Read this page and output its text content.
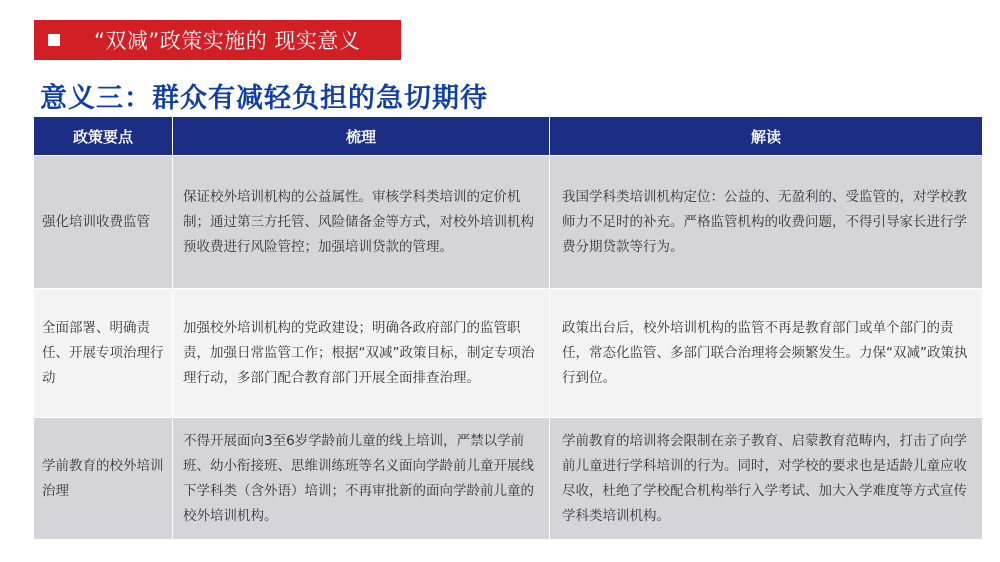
“双减”政策实施的 现实意义
意义三：群众有减轻负担的急切期待
政策要点	梳理	解读
强化培训收费监管
保证校外培训机构的公益属性。审核学科类培训的定价机制；通过第三方托管、风险储备金等方式，对校外培训机构预收费进行风险管控；加强培训贷款的管理。
我国学科类培训机构定位：公益的、无盈利的、受监管的，对学校教师力不足时的补充。严格监管机构的收费问题，不得引导家长进行学费分期贷款等行为。
全面部署、明确责任、开展专项治理行动
加强校外培训机构的党政建设；明确各政府部门的监管职责，加强日常监管工作；根据“双减”政策目标，制定专项治理行动，多部门配合教育部门开展全面排查治理。
政策出台后，校外培训机构的监管不再是教育部门或单个部门的责任，常态化监管、多部门联合治理将会频繁发生。力保“双减”政策执行到位。
学前教育的校外培训治理
不得开展面向3至6岁学龄前儿童的线上培训，严禁以学前班、幼小衔接班、思维训练班等名义面向学龄前儿童开展线下学科类（含外语）培训；不再审批新的面向学龄前儿童的校外培训机构。
学前教育的培训将会限制在亲子教育、启蒙教育范畴内，打击了向学前儿童进行学科培训的行为。同时，对学校的要求也是适龄儿童应收尽收，杜绝了学校配合机构举行入学考试、加大入学难度等方式宣传学科类培训机构。
